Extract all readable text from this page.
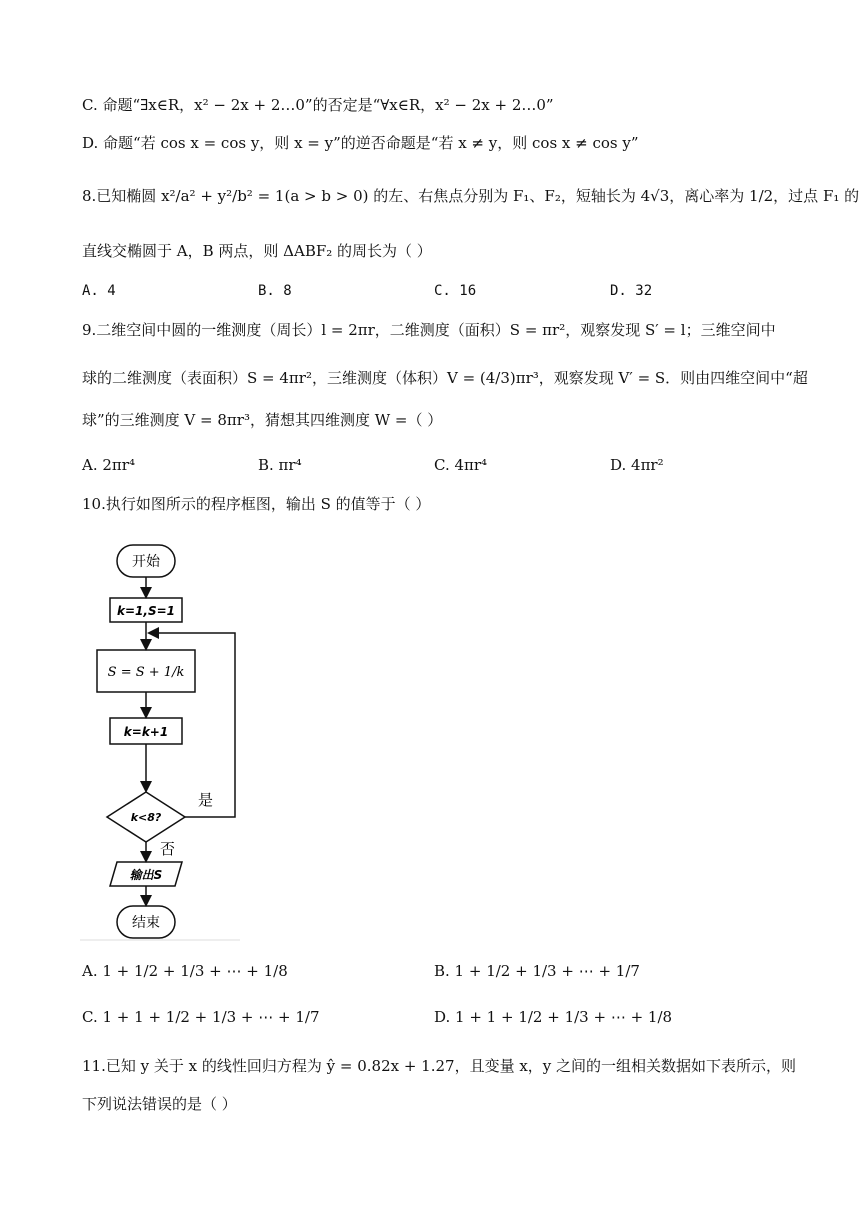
C. 命题“∃x∈R，x² − 2x + 2…0”的否定是“∀x∈R，x² − 2x + 2…0”
D. 命题“若 cos x = cos y，则 x = y”的逆否命题是“若 x ≠ y，则 cos x ≠ cos y”
8.已知椭圆 x²/a² + y²/b² = 1(a > b > 0) 的左、右焦点分别为 F₁、F₂，短轴长为 4√3，离心率为 1/2，过点 F₁ 的
直线交椭圆于 A，B 两点，则 ΔABF₂ 的周长为（ ）
A. 4	B. 8	C. 16	D. 32
9.二维空间中圆的一维测度（周长）l = 2πr，二维测度（面积）S = πr²，观察发现 S′ = l；三维空间中
球的二维测度（表面积）S = 4πr²，三维测度（体积）V = (4/3)πr³，观察发现 V′ = S．则由四维空间中“超
球”的三维测度 V = 8πr³，猜想其四维测度 W =（ ）
A. 2πr⁴	B. πr⁴	C. 4πr⁴	D. 4πr²
10.执行如图所示的程序框图，输出 S 的值等于（ ）
开始
k=1,S=1
S = S + 1/k
k=k+1
k<8?
是
否
输出S
结束
A. 1 + 1/2 + 1/3 + ⋯ + 1/8	B. 1 + 1/2 + 1/3 + ⋯ + 1/7
C. 1 + 1 + 1/2 + 1/3 + ⋯ + 1/7	D. 1 + 1 + 1/2 + 1/3 + ⋯ + 1/8
11.已知 y 关于 x 的线性回归方程为 ŷ = 0.82x + 1.27，且变量 x，y 之间的一组相关数据如下表所示，则
下列说法错误的是（ ）
